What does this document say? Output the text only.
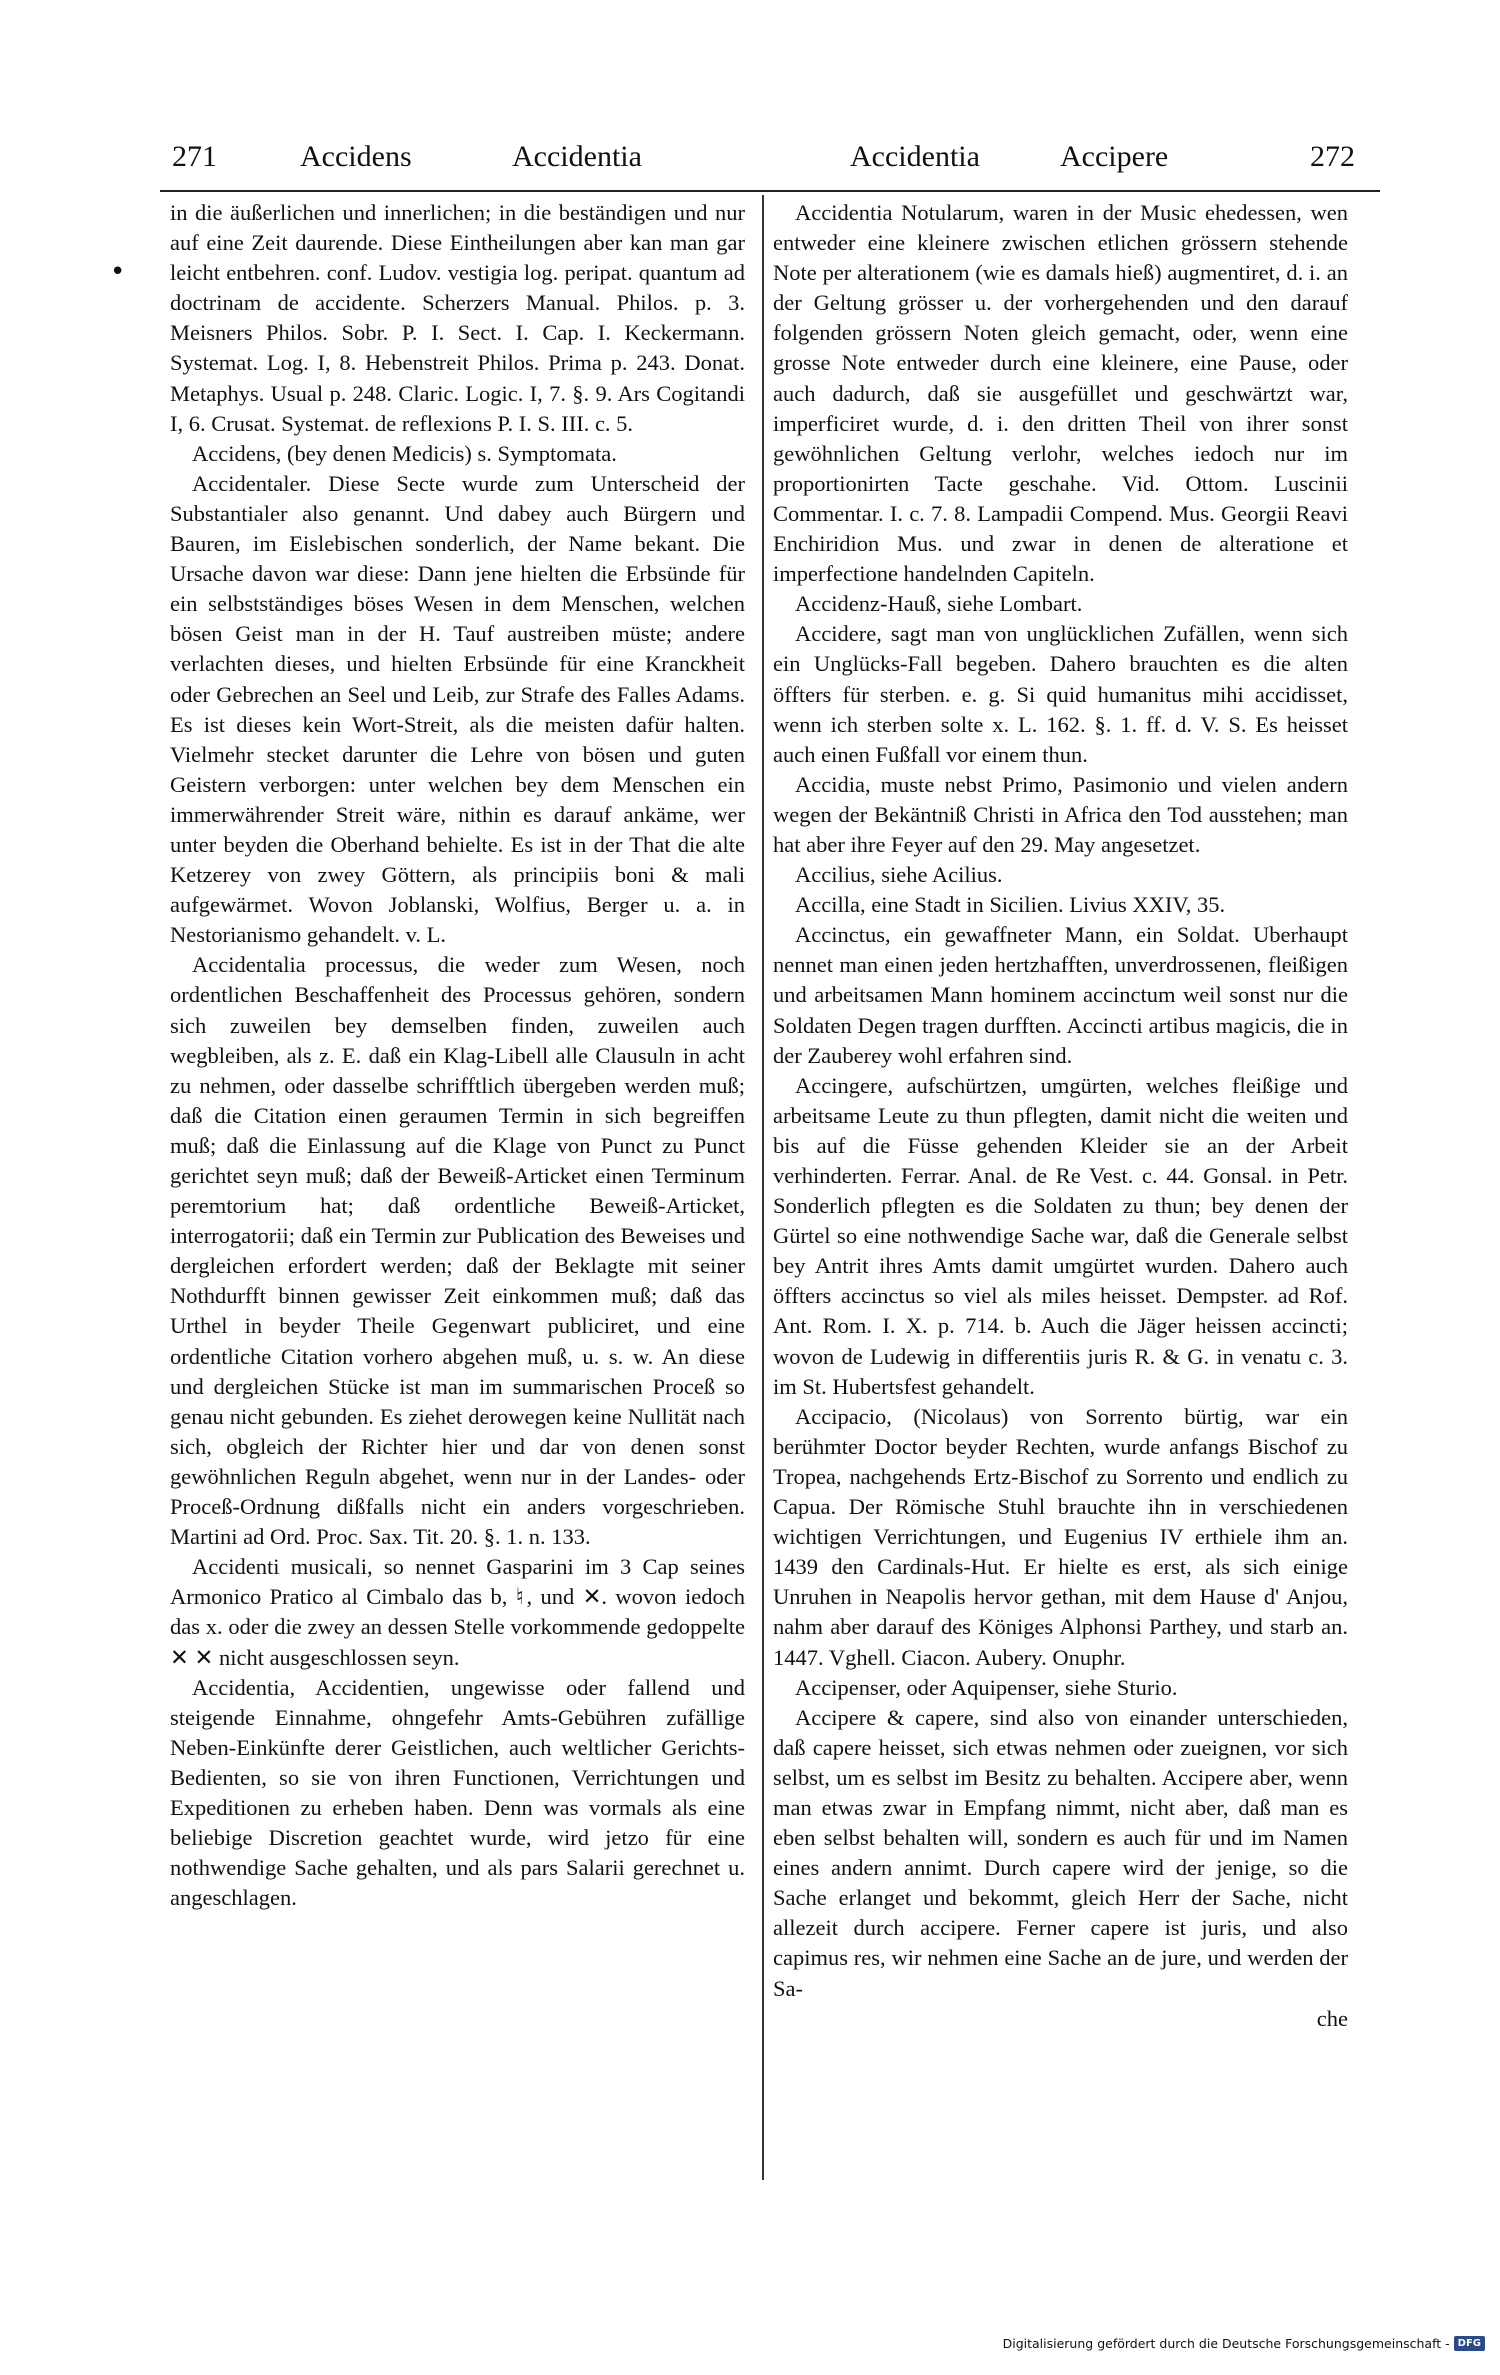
271	Accidens	Accidentia	Accidentia	Accipere	272
•

in die äußerlichen und innerlichen; in die beständigen und nur auf eine Zeit daurende. Diese Eintheilungen aber kan man gar leicht entbehren. conf. Ludov. vestigia log. peripat. quantum ad doctrinam de accidente. Scherzers Manual. Philos. p. 3. Meisners Philos. Sobr. P. I. Sect. I. Cap. I. Keckermann. Systemat. Log. I, 8. Hebenstreit Philos. Prima p. 243. Donat. Metaphys. Usual p. 248. Claric. Logic. I, 7. §. 9. Ars Cogitandi I, 6. Crusat. Systemat. de reflexions P. I. S. III. c. 5.

Accidens, (bey denen Medicis) s. Symptomata.

Accidentaler. Diese Secte wurde zum Unterscheid der Substantialer also genannt. Und dabey auch Bürgern und Bauren, im Eislebischen sonderlich, der Name bekant. Die Ursache davon war diese: Dann jene hielten die Erbsünde für ein selbstständiges böses Wesen in dem Menschen, welchen bösen Geist man in der H. Tauf austreiben müste; andere verlachten dieses, und hielten Erbsünde für eine Kranckheit oder Gebrechen an Seel und Leib, zur Strafe des Falles Adams. Es ist dieses kein Wort-Streit, als die meisten dafür halten. Vielmehr stecket darunter die Lehre von bösen und guten Geistern verborgen: unter welchen bey dem Menschen ein immerwährender Streit wäre, nithin es darauf ankäme, wer unter beyden die Oberhand behielte. Es ist in der That die alte Ketzerey von zwey Göttern, als principiis boni & mali aufgewärmet. Wovon Joblanski, Wolfius, Berger u. a. in Nestorianismo gehandelt. v. L.

Accidentalia processus, die weder zum Wesen, noch ordentlichen Beschaffenheit des Processus gehören, sondern sich zuweilen bey demselben finden, zuweilen auch wegbleiben, als z. E. daß ein Klag-Libell alle Clausuln in acht zu nehmen, oder dasselbe schrifftlich übergeben werden muß; daß die Citation einen geraumen Termin in sich begreiffen muß; daß die Einlassung auf die Klage von Punct zu Punct gerichtet seyn muß; daß der Beweiß-Articket einen Terminum peremtorium hat; daß ordentliche Beweiß-Articket, interrogatorii; daß ein Termin zur Publication des Beweises und dergleichen erfordert werden; daß der Beklagte mit seiner Nothdurfft binnen gewisser Zeit einkommen muß; daß das Urthel in beyder Theile Gegenwart publiciret, und eine ordentliche Citation vorhero abgehen muß, u. s. w. An diese und dergleichen Stücke ist man im summarischen Proceß so genau nicht gebunden. Es ziehet derowegen keine Nullität nach sich, obgleich der Richter hier und dar von denen sonst gewöhnlichen Reguln abgehet, wenn nur in der Landes- oder Proceß-Ordnung dißfalls nicht ein anders vorgeschrieben. Martini ad Ord. Proc. Sax. Tit. 20. §. 1. n. 133.

Accidenti musicali, so nennet Gasparini im 3 Cap seines Armonico Pratico al Cimbalo das b, ♮, und ✕. wovon iedoch das x. oder die zwey an dessen Stelle vorkommende gedoppelte ✕ ✕ nicht ausgeschlossen seyn.

Accidentia, Accidentien, ungewisse oder fallend und steigende Einnahme, ohngefehr Amts-Gebühren zufällige Neben-Einkünfte derer Geistlichen, auch weltlicher Gerichts-Bedienten, so sie von ihren Functionen, Verrichtungen und Expeditionen zu erheben haben. Denn was vormals als eine beliebige Discretion geachtet wurde, wird jetzo für eine nothwendige Sache gehalten, und als pars Salarii gerechnet u. angeschlagen.

Accidentia Notularum, waren in der Music ehedessen, wen entweder eine kleinere zwischen etlichen grössern stehende Note per alterationem (wie es damals hieß) augmentiret, d. i. an der Geltung grösser u. der vorhergehenden und den darauf folgenden grössern Noten gleich gemacht, oder, wenn eine grosse Note entweder durch eine kleinere, eine Pause, oder auch dadurch, daß sie ausgefüllet und geschwärtzt war, imperficiret wurde, d. i. den dritten Theil von ihrer sonst gewöhnlichen Geltung verlohr, welches iedoch nur im proportionirten Tacte geschahe. Vid. Ottom. Luscinii Commentar. I. c. 7. 8. Lampadii Compend. Mus. Georgii Reavi Enchiridion Mus. und zwar in denen de alteratione et imperfectione handelnden Capiteln.

Accidenz-Hauß, siehe Lombart.

Accidere, sagt man von unglücklichen Zufällen, wenn sich ein Unglücks-Fall begeben. Dahero brauchten es die alten öffters für sterben. e. g. Si quid humanitus mihi accidisset, wenn ich sterben solte x. L. 162. §. 1. ff. d. V. S. Es heisset auch einen Fußfall vor einem thun.

Accidia, muste nebst Primo, Pasimonio und vielen andern wegen der Bekäntniß Christi in Africa den Tod ausstehen; man hat aber ihre Feyer auf den 29. May angesetzet.

Accilius, siehe Acilius.

Accilla, eine Stadt in Sicilien. Livius XXIV, 35.

Accinctus, ein gewaffneter Mann, ein Soldat. Uberhaupt nennet man einen jeden hertzhafften, unverdrossenen, fleißigen und arbeitsamen Mann hominem accinctum weil sonst nur die Soldaten Degen tragen durfften. Accincti artibus magicis, die in der Zauberey wohl erfahren sind.

Accingere, aufschürtzen, umgürten, welches fleißige und arbeitsame Leute zu thun pflegten, damit nicht die weiten und bis auf die Füsse gehenden Kleider sie an der Arbeit verhinderten. Ferrar. Anal. de Re Vest. c. 44. Gonsal. in Petr. Sonderlich pflegten es die Soldaten zu thun; bey denen der Gürtel so eine nothwendige Sache war, daß die Generale selbst bey Antrit ihres Amts damit umgürtet wurden. Dahero auch öffters accinctus so viel als miles heisset. Dempster. ad Rof. Ant. Rom. I. X. p. 714. b. Auch die Jäger heissen accincti; wovon de Ludewig in differentiis juris R. & G. in venatu c. 3. im St. Hubertsfest gehandelt.

Accipacio, (Nicolaus) von Sorrento bürtig, war ein berühmter Doctor beyder Rechten, wurde anfangs Bischof zu Tropea, nachgehends Ertz-Bischof zu Sorrento und endlich zu Capua. Der Römische Stuhl brauchte ihn in verschiedenen wichtigen Verrichtungen, und Eugenius IV erthiele ihm an. 1439 den Cardinals-Hut. Er hielte es erst, als sich einige Unruhen in Neapolis hervor gethan, mit dem Hause d' Anjou, nahm aber darauf des Königes Alphonsi Parthey, und starb an. 1447. Vghell. Ciacon. Aubery. Onuphr.

Accipenser, oder Aquipenser, siehe Sturio.

Accipere & capere, sind also von einander unterschieden, daß capere heisset, sich etwas nehmen oder zueignen, vor sich selbst, um es selbst im Besitz zu behalten. Accipere aber, wenn man etwas zwar in Empfang nimmt, nicht aber, daß man es eben selbst behalten will, sondern es auch für und im Namen eines andern annimt. Durch capere wird der jenige, so die Sache erlanget und bekommt, gleich Herr der Sache, nicht allezeit durch accipere. Ferner capere ist juris, und also capimus res, wir nehmen eine Sache an de jure, und werden der Sa-

che

Digitalisierung gefördert durch die Deutsche Forschungsgemeinschaft - DFG
